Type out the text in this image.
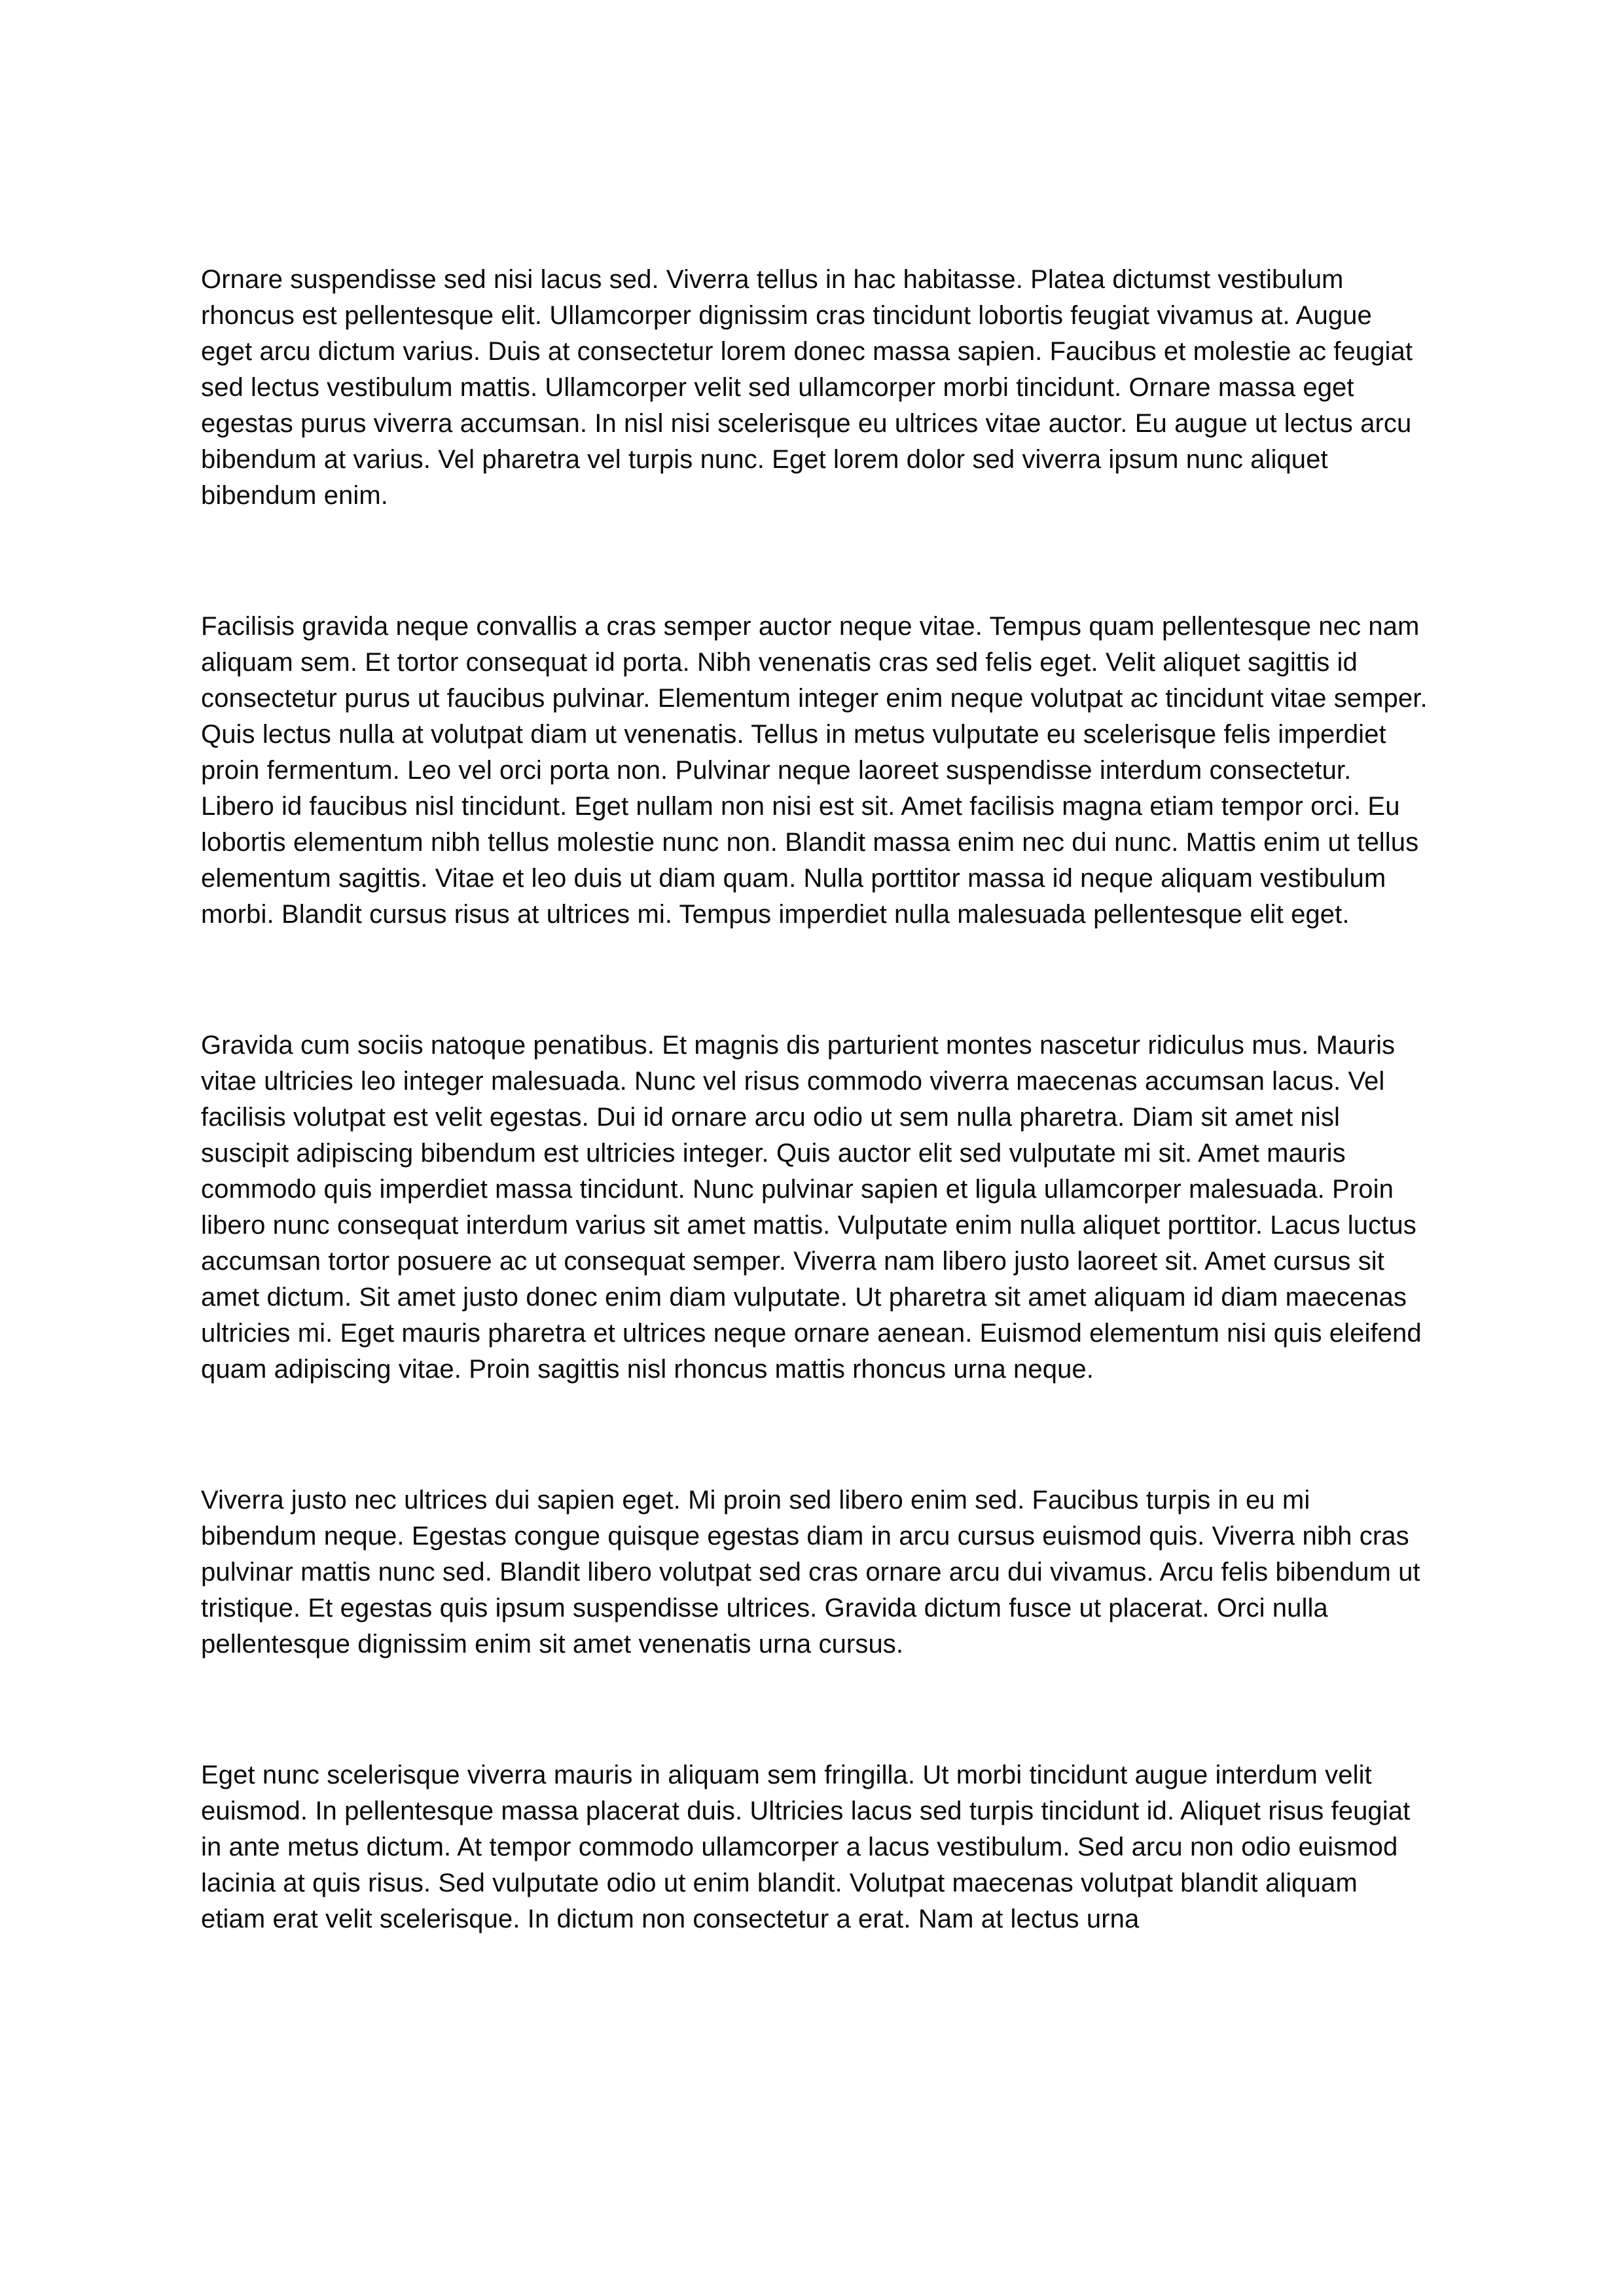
Ornare suspendisse sed nisi lacus sed. Viverra tellus in hac habitasse. Platea dictumst vestibulum rhoncus est pellentesque elit. Ullamcorper dignissim cras tincidunt lobortis feugiat vivamus at. Augue eget arcu dictum varius. Duis at consectetur lorem donec massa sapien. Faucibus et molestie ac feugiat sed lectus vestibulum mattis. Ullamcorper velit sed ullamcorper morbi tincidunt. Ornare massa eget egestas purus viverra accumsan. In nisl nisi scelerisque eu ultrices vitae auctor. Eu augue ut lectus arcu bibendum at varius. Vel pharetra vel turpis nunc. Eget lorem dolor sed viverra ipsum nunc aliquet bibendum enim.

Facilisis gravida neque convallis a cras semper auctor neque vitae. Tempus quam pellentesque nec nam aliquam sem. Et tortor consequat id porta. Nibh venenatis cras sed felis eget. Velit aliquet sagittis id consectetur purus ut faucibus pulvinar. Elementum integer enim neque volutpat ac tincidunt vitae semper. Quis lectus nulla at volutpat diam ut venenatis. Tellus in metus vulputate eu scelerisque felis imperdiet proin fermentum. Leo vel orci porta non. Pulvinar neque laoreet suspendisse interdum consectetur. Libero id faucibus nisl tincidunt. Eget nullam non nisi est sit. Amet facilisis magna etiam tempor orci. Eu lobortis elementum nibh tellus molestie nunc non. Blandit massa enim nec dui nunc. Mattis enim ut tellus elementum sagittis. Vitae et leo duis ut diam quam. Nulla porttitor massa id neque aliquam vestibulum morbi. Blandit cursus risus at ultrices mi. Tempus imperdiet nulla malesuada pellentesque elit eget.

Gravida cum sociis natoque penatibus. Et magnis dis parturient montes nascetur ridiculus mus. Mauris vitae ultricies leo integer malesuada. Nunc vel risus commodo viverra maecenas accumsan lacus. Vel facilisis volutpat est velit egestas. Dui id ornare arcu odio ut sem nulla pharetra. Diam sit amet nisl suscipit adipiscing bibendum est ultricies integer. Quis auctor elit sed vulputate mi sit. Amet mauris commodo quis imperdiet massa tincidunt. Nunc pulvinar sapien et ligula ullamcorper malesuada. Proin libero nunc consequat interdum varius sit amet mattis. Vulputate enim nulla aliquet porttitor. Lacus luctus accumsan tortor posuere ac ut consequat semper. Viverra nam libero justo laoreet sit. Amet cursus sit amet dictum. Sit amet justo donec enim diam vulputate. Ut pharetra sit amet aliquam id diam maecenas ultricies mi. Eget mauris pharetra et ultrices neque ornare aenean. Euismod elementum nisi quis eleifend quam adipiscing vitae. Proin sagittis nisl rhoncus mattis rhoncus urna neque.

Viverra justo nec ultrices dui sapien eget. Mi proin sed libero enim sed. Faucibus turpis in eu mi bibendum neque. Egestas congue quisque egestas diam in arcu cursus euismod quis. Viverra nibh cras pulvinar mattis nunc sed. Blandit libero volutpat sed cras ornare arcu dui vivamus. Arcu felis bibendum ut tristique. Et egestas quis ipsum suspendisse ultrices. Gravida dictum fusce ut placerat. Orci nulla pellentesque dignissim enim sit amet venenatis urna cursus.

Eget nunc scelerisque viverra mauris in aliquam sem fringilla. Ut morbi tincidunt augue interdum velit euismod. In pellentesque massa placerat duis. Ultricies lacus sed turpis tincidunt id. Aliquet risus feugiat in ante metus dictum. At tempor commodo ullamcorper a lacus vestibulum. Sed arcu non odio euismod lacinia at quis risus. Sed vulputate odio ut enim blandit. Volutpat maecenas volutpat blandit aliquam etiam erat velit scelerisque. In dictum non consectetur a erat. Nam at lectus urna
